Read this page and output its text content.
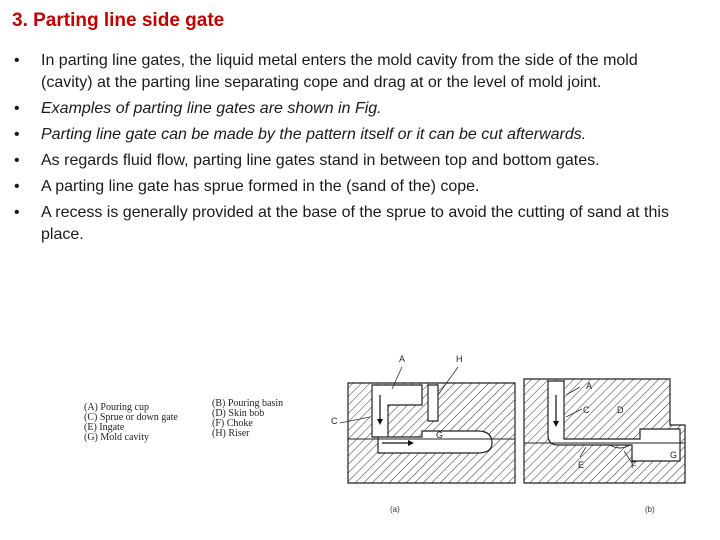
3. Parting line side gate
• In parting line gates, the liquid metal enters the mold cavity from the side of the mold (cavity) at the parting line separating cope and drag at or the level of mold joint.
• Examples of parting line gates are shown in Fig.
• Parting line gate can be made by the pattern itself or it can be cut afterwards.
• As regards fluid flow, parting line gates stand in between top and bottom gates.
• A parting line gate has sprue formed in the (sand of the) cope.
• A recess is generally provided at the base of the sprue to avoid the cutting of sand at this place.
(A) Pouring cup
(C) Sprue or down gate
(E) Ingate
(G) Mold cavity
(B) Pouring basin
(D) Skin bob
(F) Choke
(H) Riser
A	H
C
G
(a)
A
C	D
E	F
G
(b)
